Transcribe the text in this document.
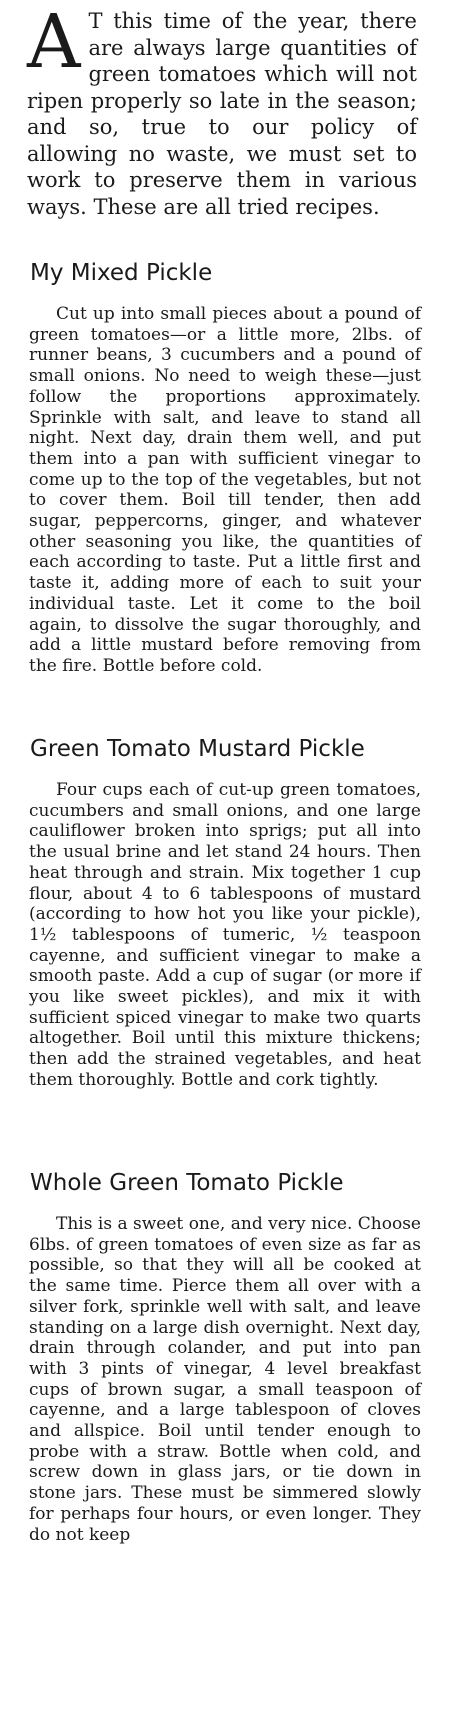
A T this time of the year, there are always large quantities of green tomatoes which will not ripen properly so late in the season; and so, true to our policy of allowing no waste, we must set to work to preserve them in various ways. These are all tried recipes.
My Mixed Pickle

Cut up into small pieces about a pound of green tomatoes—or a little more, 2lbs. of runner beans, 3 cucumbers and a pound of small onions. No need to weigh these—just follow the proportions approximately. Sprinkle with salt, and leave to stand all night. Next day, drain them well, and put them into a pan with sufficient vinegar to come up to the top of the vegetables, but not to cover them. Boil till tender, then add sugar, peppercorns, ginger, and whatever other seasoning you like, the quantities of each according to taste. Put a little first and taste it, adding more of each to suit your individual taste. Let it come to the boil again, to dissolve the sugar thoroughly, and add a little mustard before removing from the fire. Bottle before cold.

Green Tomato Mustard Pickle

Four cups each of cut-up green tomatoes, cucumbers and small onions, and one large cauliflower broken into sprigs; put all into the usual brine and let stand 24 hours. Then heat through and strain. Mix together 1 cup flour, about 4 to 6 tablespoons of mustard (according to how hot you like your pickle), 1½ tablespoons of tumeric, ½ teaspoon cayenne, and sufficient vinegar to make a smooth paste. Add a cup of sugar (or more if you like sweet pickles), and mix it with sufficient spiced vinegar to make two quarts altogether. Boil until this mixture thickens; then add the strained vegetables, and heat them thoroughly. Bottle and cork tightly.

Whole Green Tomato Pickle

This is a sweet one, and very nice. Choose 6lbs. of green tomatoes of even size as far as possible, so that they will all be cooked at the same time. Pierce them all over with a silver fork, sprinkle well with salt, and leave standing on a large dish overnight. Next day, drain through colander, and put into pan with 3 pints of vinegar, 4 level breakfast cups of brown sugar, a small teaspoon of cayenne, and a large tablespoon of cloves and allspice. Boil until tender enough to probe with a straw. Bottle when cold, and screw down in glass jars, or tie down in stone jars. These must be simmered slowly for perhaps four hours, or even longer. They do not keep
